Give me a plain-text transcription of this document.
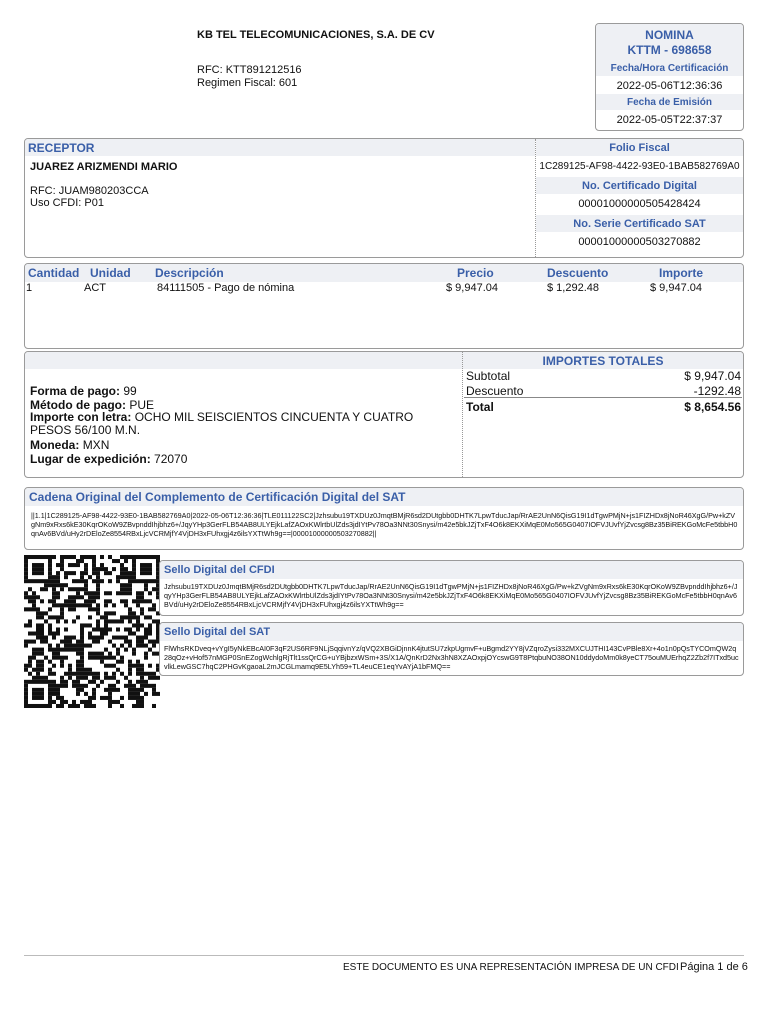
KB TEL TELECOMUNICACIONES, S.A. DE CV
RFC: KTT891212516
Regimen Fiscal: 601
NOMINA
KTTM - 698658
Fecha/Hora Certificación
2022-05-06T12:36:36
Fecha de Emisión
2022-05-05T22:37:37
RECEPTOR
JUAREZ ARIZMENDI MARIO
RFC: JUAM980203CCA
Uso CFDI: P01
Folio Fiscal
1C289125-AF98-4422-93E0-1BAB582769A0
No. Certificado Digital
00001000000505428424
No. Serie Certificado SAT
00001000000503270882
Cantidad Unidad Descripción	Precio	Descuento	Importe
1	ACT	84111505 - Pago de nómina	$ 9,947.04	$ 1,292.48	$ 9,947.04
IMPORTES TOTALES
Forma de pago: 99
Método de pago: PUE
Importe con letra: OCHO MIL SEISCIENTOS CINCUENTA Y CUATRO PESOS 56/100 M.N.
Moneda: MXN
Lugar de expedición: 72070
Subtotal	$ 9,947.04
Descuento	-1292.48
Total	$ 8,654.56
Cadena Original del Complemento de Certificación Digital del SAT
||1.1|1C289125-AF98-4422-93E0-1BAB582769A0|2022-05-06T12:36:36|TLE011122SC2|Jzhsubu19TXDUz0JmqtBMjR6sd2DUtgbb0DHTK7LpwTducJap/RrAE2UnN6QisG19I1dTgwPMjN+js1FIZHDx8jNoR46XgG/Pw+kZVgNm9xRxs6kE30KqrOKoW9ZBvpnddIhjbhz6+/JqyYHp3GerFLB54AB8ULYEjkLafZAOxKWlrtbUlZds3jdIYtPv78Oa3NNt30Snysi/m42e5bkJZjTxF4O6k8EKXiMqE0Mo565G0407IOFVJUvfYjZvcsg8Bz35BiREKGoMcFe5tbbH0qnAv6BVd/uHy2rDEloZe8554RBxLjcVCRMjfY4VjDH3xFUhxgj4z6ilsYXTtWh9g==|00001000000503270882||
Sello Digital del CFDI
Jzhsubu19TXDUz0JmqtBMjR6sd2DUtgbb0DHTK7LpwTducJap/RrAE2UnN6QisG19I1dTgwPMjN+js1FIZHDx8jNoR46XgG/Pw+kZVgNm9xRxs6kE30KqrOKoW9ZBvpnddIhjbhz6+/JqyYHp3GerFLB54AB8ULYEjkLafZAOxKWlrtbUlZds3jdIYtPv78Oa3NNt30Snysi/m42e5bkJZjTxF4O6k8EKXiMqE0Mo565G0407IOFVJUvfYjZvcsg8Bz35BiREKGoMcFe5tbbH0qnAv6BVd/uHy2rDEloZe8554RBxLjcVCRMjfY4VjDH3xFUhxgj4z6ilsYXTtWh9g==
Sello Digital del SAT
FlWhsRKDveq+vYgI5yNkEBcAI0F3qF2US6RF9NLjSqqivnYz/qVQ2XBGiDjnnK4jtutSU7zkpUgmvF+uBgmd2YY8jVZqroZysi332MXCUJTHI143CvPBle8Xr+4o1n0pQsTYCOmQW2q28qOz+vHof57nMGP0SnEZogWchlgRjTlt1ssQrCG+uYBjbzxWSm+3S/X1A/QnKrD2Nx3hN8XZAOxpjOYcswG9T8PtqbuNO38ON10ddydoMm0k8yeCT75ouMUErhqZ2Zb2f7ITxd5ucvlkLewGSC7hqC2PHGvKgaoaL2mJCGLmamq9E5LYh59+TL4euCE1eqYvAYjA1bFMQ==
ESTE DOCUMENTO ES UNA REPRESENTACIÓN IMPRESA DE UN CFDI Página 1 de 6
